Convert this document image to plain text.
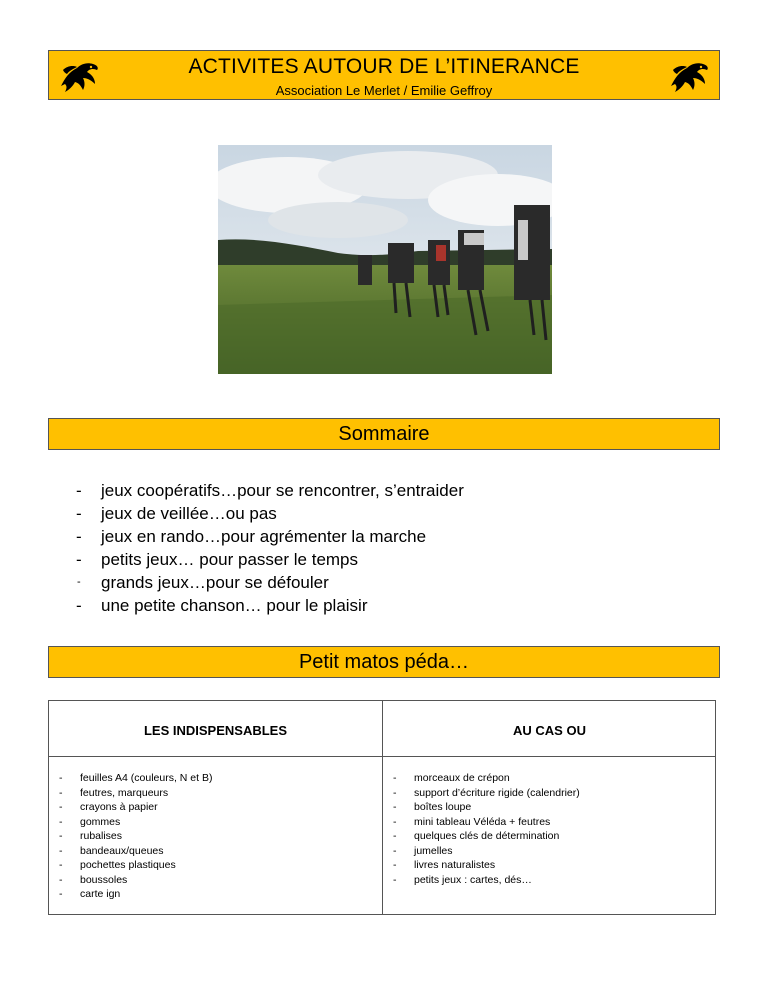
ACTIVITES AUTOUR DE L’ITINERANCE
Association Le Merlet / Emilie Geffroy
Sommaire
- jeux coopératifs…pour se rencontrer, s’entraider
- jeux de veillée…ou pas
- jeux en rando…pour agrémenter la marche
- petits jeux… pour passer le temps
- grands jeux…pour se défouler
- une petite chanson… pour le plaisir
Petit matos péda…
LES INDISPENSABLES	AU CAS OU
- feuilles A4 (couleurs, N et B)
- feutres, marqueurs
- crayons à papier
- gommes
- rubalises
- bandeaux/queues
- pochettes plastiques
- boussoles
- carte ign
- morceaux de crépon
- support d’écriture rigide (calendrier)
- boîtes loupe
- mini tableau Véléda + feutres
- quelques clés de détermination
- jumelles
- livres naturalistes
- petits jeux : cartes, dés…
